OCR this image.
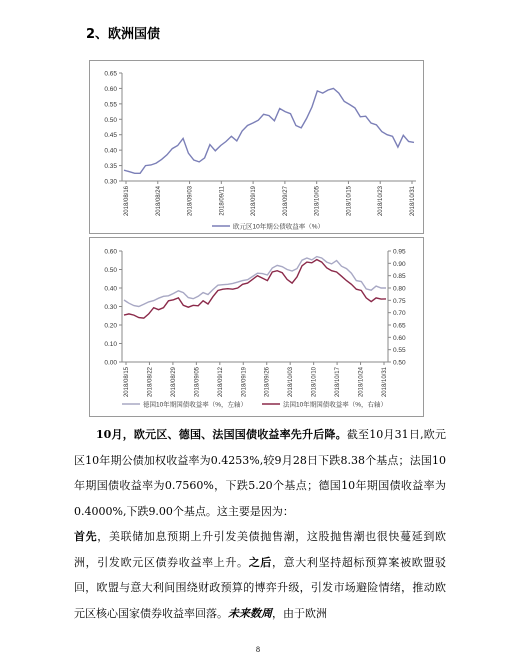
2、欧洲国债
0.65
0.60
0.55
0.50
0.45
0.40
0.35
0.30
2018/08/16	2018/08/24	2018/09/03	2018/09/11	2018/09/19	2018/09/27	2018/10/05	2018/10/15	2018/10/23	2018/10/31
欧元区10年期公债收益率（%）
0.60
0.50
0.40
0.30
0.20
0.10
0.00
0.95
0.90
0.85
0.80
0.75
0.70
0.65
0.60
0.55
0.50
2018/08/15	2018/08/22	2018/08/29	2018/09/05	2018/09/12	2018/09/19	2018/09/26	2018/10/03	2018/10/10	2018/10/17	2018/10/24	2018/10/31
德国10年期国债收益率（%，左轴）	法国10年期国债收益率（%，右轴）

10月，欧元区、德国、法国国债收益率先升后降。截至10月31日,欧元区10年期公债加权收益率为0.4253%,较9月28日下跌8.38个基点；法国10年期国债收益率为0.7560%，下跌5.20个基点；德国10年期国债收益率为0.4000%,下跌9.00个基点。这主要是因为：

首先，美联储加息预期上升引发美债抛售潮，这股抛售潮也很快蔓延到欧洲，引发欧元区债券收益率上升。之后，意大利坚持超标预算案被欧盟驳回，欧盟与意大利间围绕财政预算的博弈升级，引发市场避险情绪，推动欧元区核心国家债券收益率回落。未来数周，由于欧洲

8
